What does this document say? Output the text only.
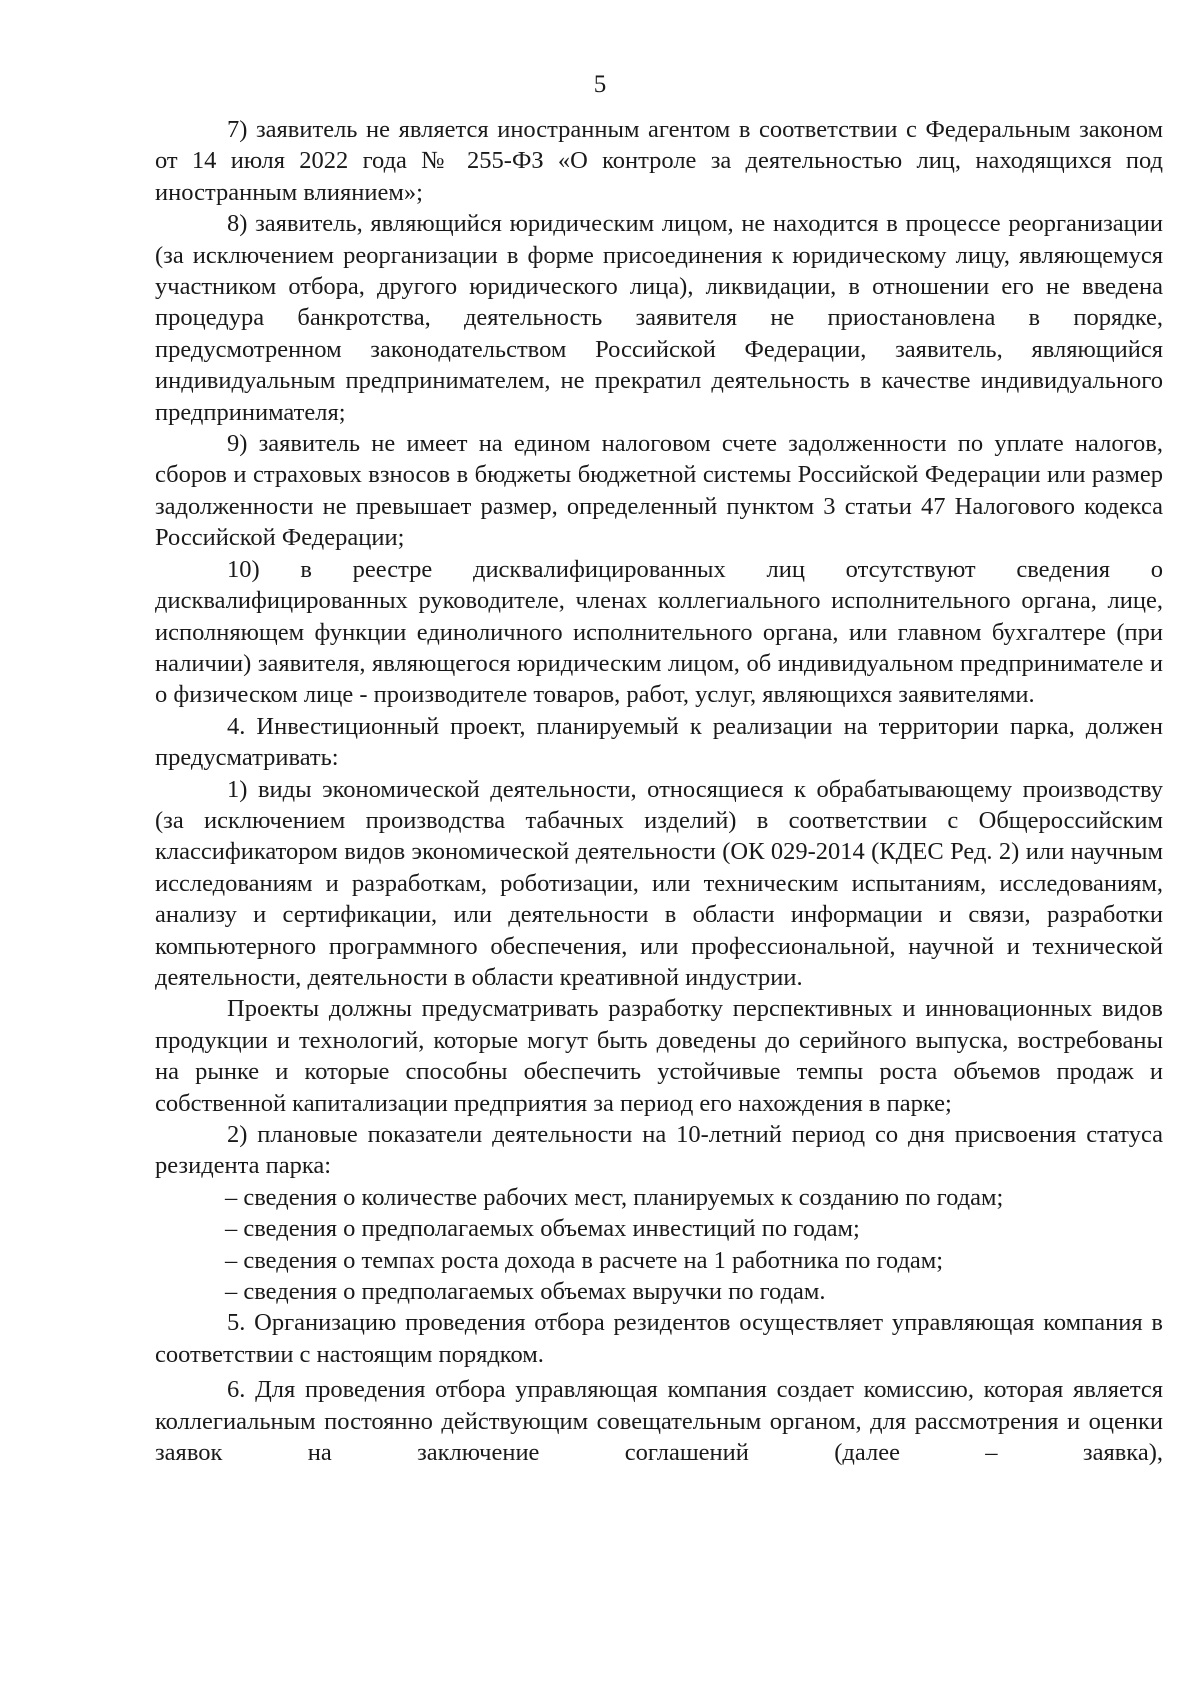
5

7) заявитель не является иностранным агентом в соответствии с Федеральным законом от 14 июля 2022 года № 255-ФЗ «О контроле за деятельностью лиц, находящихся под иностранным влиянием»;

8) заявитель, являющийся юридическим лицом, не находится в процессе реорганизации (за исключением реорганизации в форме присоединения к юридическому лицу, являющемуся участником отбора, другого юридического лица), ликвидации, в отношении его не введена процедура банкротства, деятельность заявителя не приостановлена в порядке, предусмотренном законодательством Российской Федерации, заявитель, являющийся индивидуальным предпринимателем, не прекратил деятельность в качестве индивидуального предпринимателя;

9) заявитель не имеет на едином налоговом счете задолженности по уплате налогов, сборов и страховых взносов в бюджеты бюджетной системы Российской Федерации или размер задолженности не превышает размер, определенный пунктом 3 статьи 47 Налогового кодекса Российской Федерации;

10) в реестре дисквалифицированных лиц отсутствуют сведения о дисквалифицированных руководителе, членах коллегиального исполнительного органа, лице, исполняющем функции единоличного исполнительного органа, или главном бухгалтере (при наличии) заявителя, являющегося юридическим лицом, об индивидуальном предпринимателе и о физическом лице - производителе товаров, работ, услуг, являющихся заявителями.

4. Инвестиционный проект, планируемый к реализации на территории парка, должен предусматривать:

1) виды экономической деятельности, относящиеся к обрабатывающему производству (за исключением производства табачных изделий) в соответствии с Общероссийским классификатором видов экономической деятельности (ОК 029-2014 (КДЕС Ред. 2) или научным исследованиям и разработкам, роботизации, или техническим испытаниям, исследованиям, анализу и сертификации, или деятельности в области информации и связи, разработки компьютерного программного обеспечения, или профессиональной, научной и технической деятельности, деятельности в области креативной индустрии.

Проекты должны предусматривать разработку перспективных и инновационных видов продукции и технологий, которые могут быть доведены до серийного выпуска, востребованы на рынке и которые способны обеспечить устойчивые темпы роста объемов продаж и собственной капитализации предприятия за период его нахождения в парке;

2) плановые показатели деятельности на 10-летний период со дня присвоения статуса резидента парка:

– сведения о количестве рабочих мест, планируемых к созданию по годам;

– сведения о предполагаемых объемах инвестиций по годам;

– сведения о темпах роста дохода в расчете на 1 работника по годам;

– сведения о предполагаемых объемах выручки по годам.

5. Организацию проведения отбора резидентов осуществляет управляющая компания в соответствии с настоящим порядком.

6. Для проведения отбора управляющая компания создает комиссию, которая является коллегиальным постоянно действующим совещательным органом, для рассмотрения и оценки заявок на заключение соглашений (далее – заявка),
